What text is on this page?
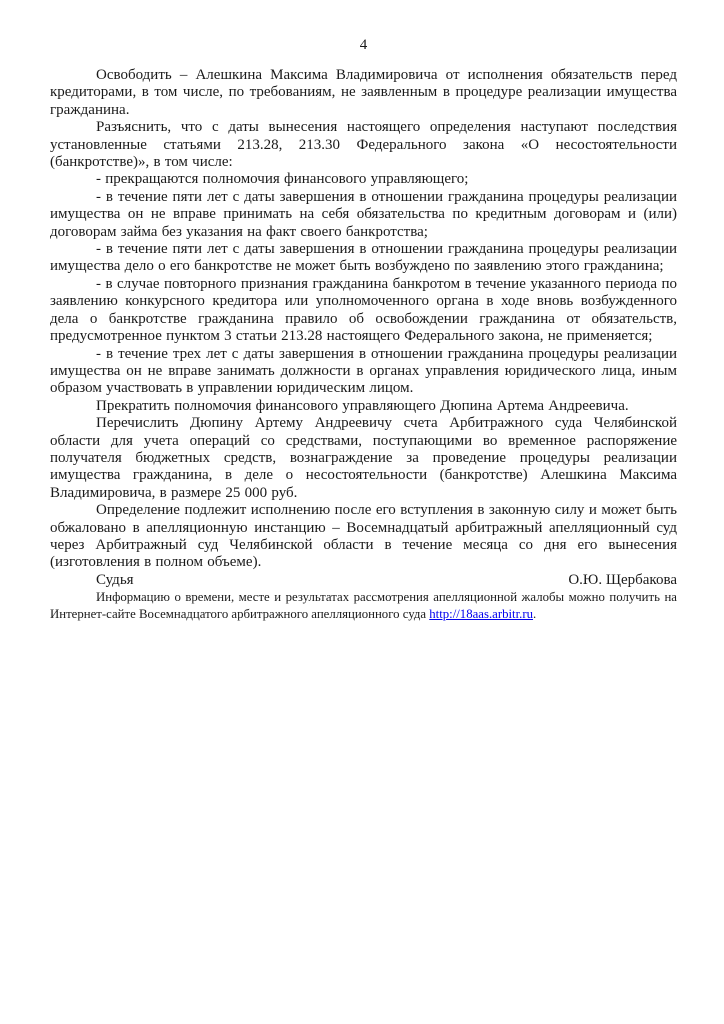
4

Освободить – Алешкина Максима Владимировича от исполнения обязательств перед кредиторами, в том числе, по требованиям, не заявленным в процедуре реализации имущества гражданина.

Разъяснить, что с даты вынесения настоящего определения наступают последствия установленные статьями 213.28, 213.30 Федерального закона «О несостоятельности (банкротстве)», в том числе:

- прекращаются полномочия финансового управляющего;

- в течение пяти лет с даты завершения в отношении гражданина процедуры реализации имущества он не вправе принимать на себя обязательства по кредитным договорам и (или) договорам займа без указания на факт своего банкротства;

- в течение пяти лет с даты завершения в отношении гражданина процедуры реализации имущества дело о его банкротстве не может быть возбуждено по заявлению этого гражданина;

- в случае повторного признания гражданина банкротом в течение указанного периода по заявлению конкурсного кредитора или уполномоченного органа в ходе вновь возбужденного дела о банкротстве гражданина правило об освобождении гражданина от обязательств, предусмотренное пунктом 3 статьи 213.28 настоящего Федерального закона, не применяется;

- в течение трех лет с даты завершения в отношении гражданина процедуры реализации имущества он не вправе занимать должности в органах управления юридического лица, иным образом участвовать в управлении юридическим лицом.

Прекратить полномочия финансового управляющего Дюпина Артема Андреевича.

Перечислить Дюпину Артему Андреевичу счета Арбитражного суда Челябинской области для учета операций со средствами, поступающими во временное распоряжение получателя бюджетных средств, вознаграждение за проведение процедуры реализации имущества гражданина, в деле о несостоятельности (банкротстве) Алешкина Максима Владимировича, в размере 25 000 руб.

Определение подлежит исполнению после его вступления в законную силу и может быть обжаловано в апелляционную инстанцию – Восемнадцатый арбитражный апелляционный суд через Арбитражный суд Челябинской области в течение месяца со дня его вынесения (изготовления в полном объеме).

Судья	О.Ю. Щербакова

Информацию о времени, месте и результатах рассмотрения апелляционной жалобы можно получить на Интернет-сайте Восемнадцатого арбитражного апелляционного суда http://18aas.arbitr.ru.
